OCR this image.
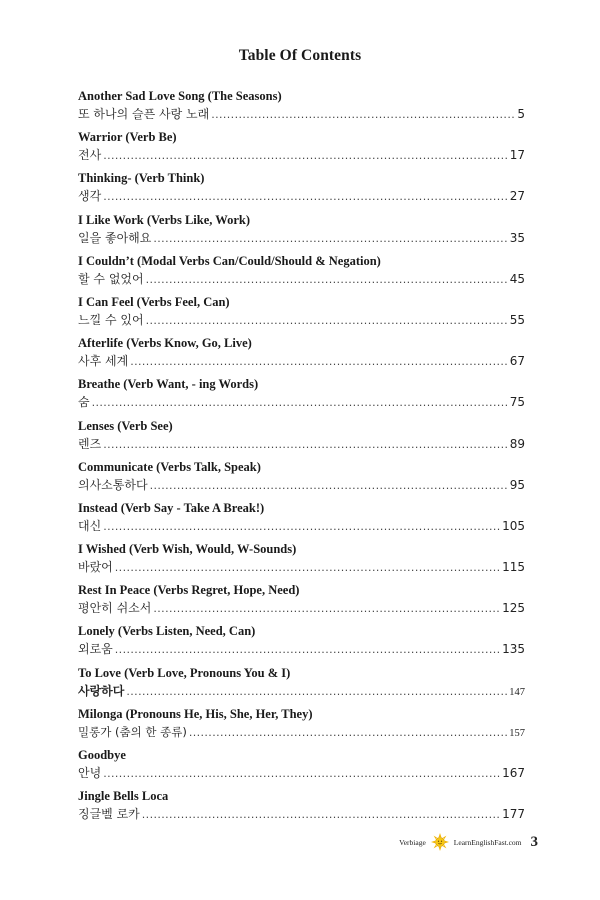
Table Of Contents
Another Sad Love Song (The Seasons)
또 하나의 슬픈 사랑 노래 .....	5
Warrior (Verb Be)
전사 .....	17
Thinking- (Verb Think)
생각 .....	27
I Like Work (Verbs Like, Work)
일을 좋아해요 .....	35
I Couldn’t (Modal Verbs Can/Could/Should & Negation)
할 수 없었어 .....	45
I Can Feel (Verbs Feel, Can)
느낄 수 있어 .....	55
Afterlife (Verbs Know, Go, Live)
사후 세계 .....	67
Breathe (Verb Want, - ing Words)
숨 .....	75
Lenses (Verb See)
렌즈 .....	89
Communicate (Verbs Talk, Speak)
의사소통하다 .....	95
Instead (Verb Say - Take A Break!)
대신 .....	105
I Wished (Verb Wish, Would, W-Sounds)
바랐어 .....	115
Rest In Peace (Verbs Regret, Hope, Need)
평안히 쉬소서 .....	125
Lonely (Verbs Listen, Need, Can)
외로움 .....	135
To Love (Verb Love, Pronouns You & I)
사랑하다 .....	147
Milonga (Pronouns He, His, She, Her, They)
밀롱가 (춤의 한 종류) .....	157
Goodbye
안녕 .....	167
Jingle Bells Loca
징글벨 로카 .....	177
Verbiage	LearnEnglishFast.com 3
